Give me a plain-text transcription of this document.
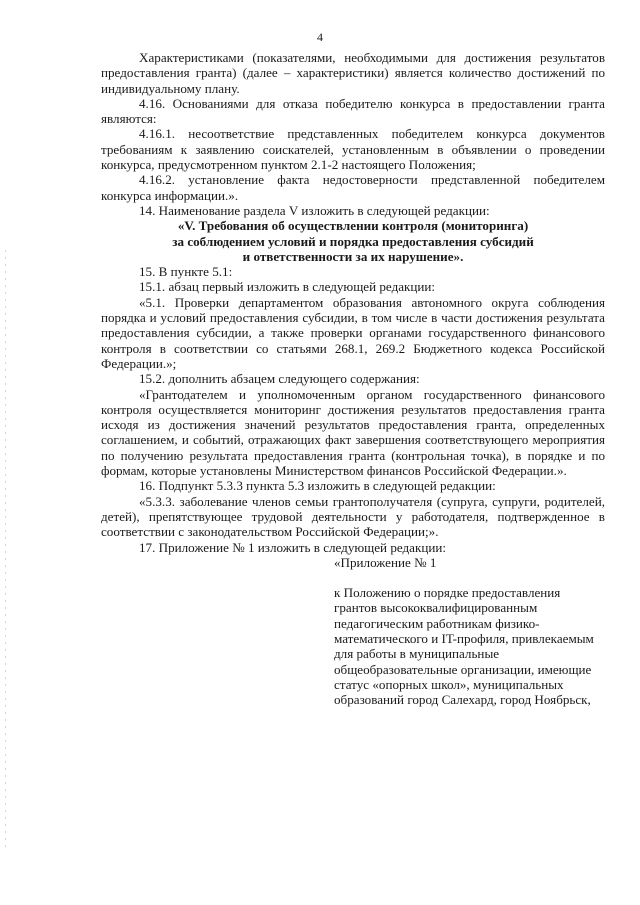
4

Характеристиками (показателями, необходимыми для достижения результатов предоставления гранта) (далее – характеристики) является количество достижений по индивидуальному плану.

4.16. Основаниями для отказа победителю конкурса в предоставлении гранта являются:

4.16.1. несоответствие представленных победителем конкурса документов требованиям к заявлению соискателей, установленным в объявлении о проведении конкурса, предусмотренном пунктом 2.1-2 настоящего Положения;

4.16.2. установление факта недостоверности представленной победителем конкурса информации.».

14. Наименование раздела V изложить в следующей редакции:

«V. Требования об осуществлении контроля (мониторинга)
за соблюдением условий и порядка предоставления субсидий
и ответственности за их нарушение».

15. В пункте 5.1:

15.1. абзац первый изложить в следующей редакции:

«5.1. Проверки департаментом образования автономного округа соблюдения порядка и условий предоставления субсидии, в том числе в части достижения результата предоставления субсидии, а также проверки органами государственного финансового контроля в соответствии со статьями 268.1, 269.2 Бюджетного кодекса Российской Федерации.»;

15.2. дополнить абзацем следующего содержания:

«Грантодателем и уполномоченным органом государственного финансового контроля осуществляется мониторинг достижения результатов предоставления гранта исходя из достижения значений результатов предоставления гранта, определенных соглашением, и событий, отражающих факт завершения соответствующего мероприятия по получению результата предоставления гранта (контрольная точка), в порядке и по формам, которые установлены Министерством финансов Российской Федерации.».

16. Подпункт 5.3.3 пункта 5.3 изложить в следующей редакции:

«5.3.3. заболевание членов семьи грантополучателя (супруга, супруги, родителей, детей), препятствующее трудовой деятельности у работодателя, подтвержденное в соответствии с законодательством Российской Федерации;».

17. Приложение № 1 изложить в следующей редакции:

«Приложение № 1

к Положению о порядке предоставления грантов высококвалифицированным педагогическим работникам физико-математического и IT-профиля, привлекаемым для работы в муниципальные общеобразовательные организации, имеющие статус «опорных школ», муниципальных образований город Салехард, город Ноябрьск,
